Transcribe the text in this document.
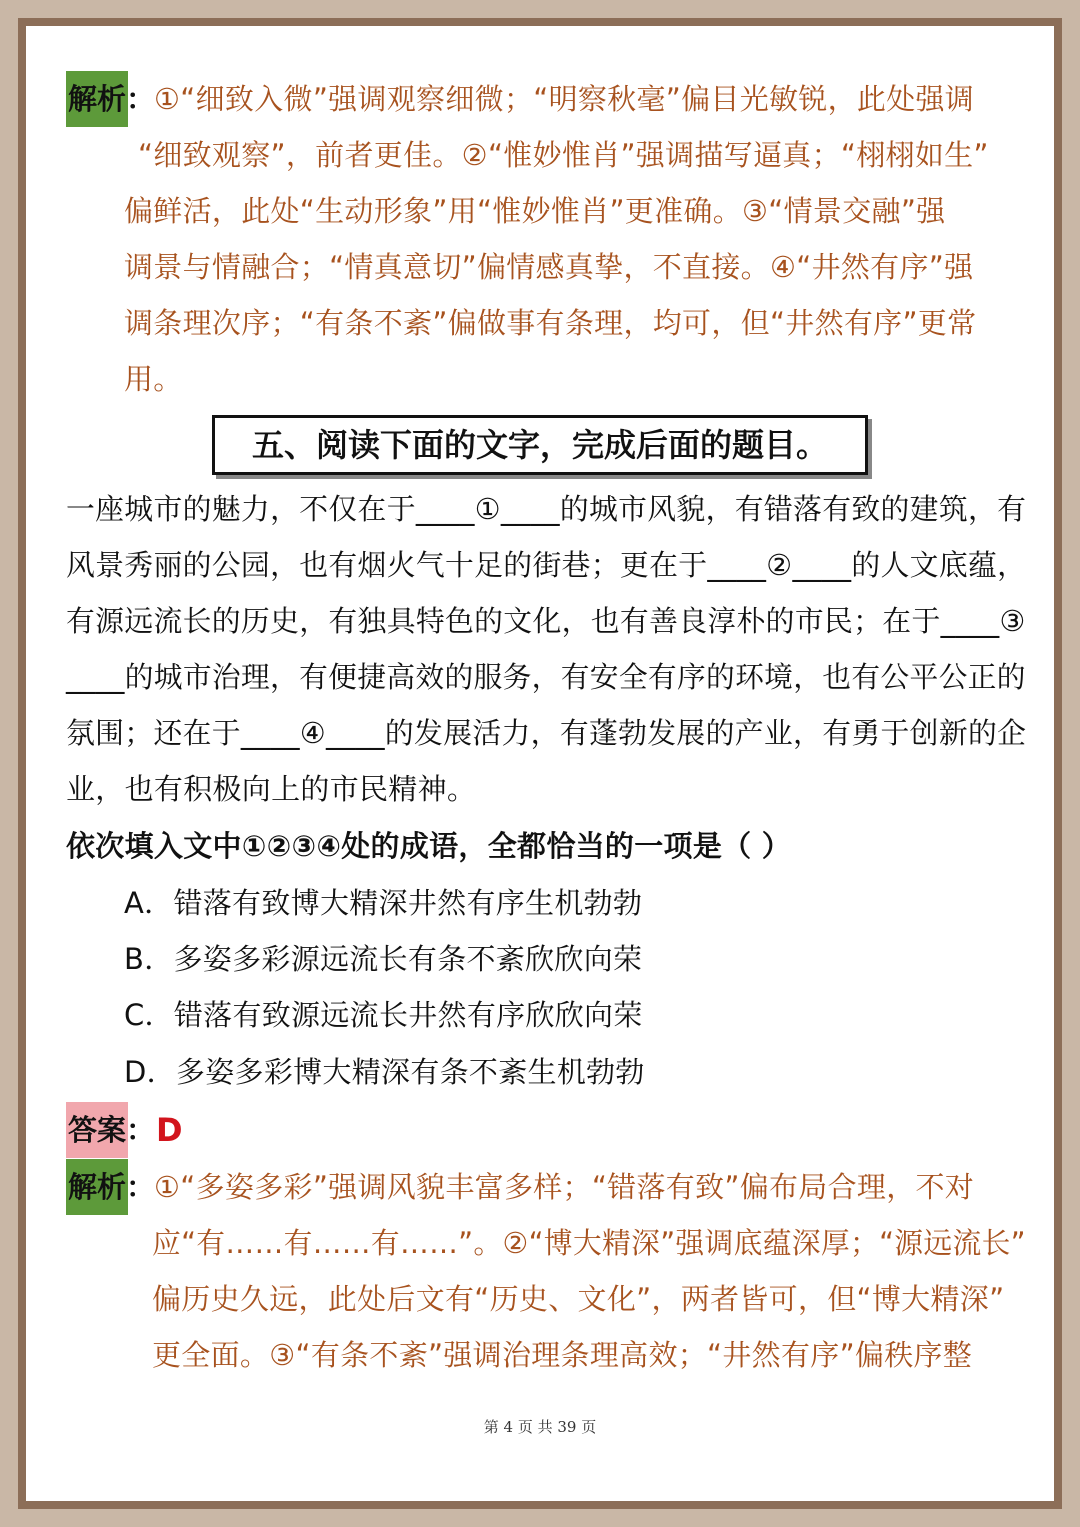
解析 ：
①“细致入微”强调观察细微；“明察秋毫”偏目光敏锐，此处强调
“细致观察”，前者更佳。②“惟妙惟肖”强调描写逼真；“栩栩如生”
偏鲜活，此处“生动形象”用“惟妙惟肖”更准确。③“情景交融”强
调景与情融合；“情真意切”偏情感真挚，不直接。④“井然有序”强
调条理次序；“有条不紊”偏做事有条理，均可，但“井然有序”更常
用。
五、阅读下面的文字，完成后面的题目。
一座城市的魅力，不仅在于____①____的城市风貌，有错落有致的建筑，有
风景秀丽的公园，也有烟火气十足的街巷；更在于____②____的人文底蕴，
有源远流长的历史，有独具特色的文化，也有善良淳朴的市民；在于____③
____的城市治理，有便捷高效的服务，有安全有序的环境，也有公平公正的
氛围；还在于____④____的发展活力，有蓬勃发展的产业，有勇于创新的企
业，也有积极向上的市民精神。
依次填入文中①②③④处的成语，全都恰当的一项是（ ）
A．错落有致博大精深井然有序生机勃勃
B．多姿多彩源远流长有条不紊欣欣向荣
C．错落有致源远流长井然有序欣欣向荣
D．多姿多彩博大精深有条不紊生机勃勃
答案 ： D
解析 ：
①“多姿多彩”强调风貌丰富多样；“错落有致”偏布局合理，不对
应“有……有……有……”。②“博大精深”强调底蕴深厚；“源远流长”
偏历史久远，此处后文有“历史、文化”，两者皆可，但“博大精深”
更全面。③“有条不紊”强调治理条理高效；“井然有序”偏秩序整
第 4 页 共 39 页
